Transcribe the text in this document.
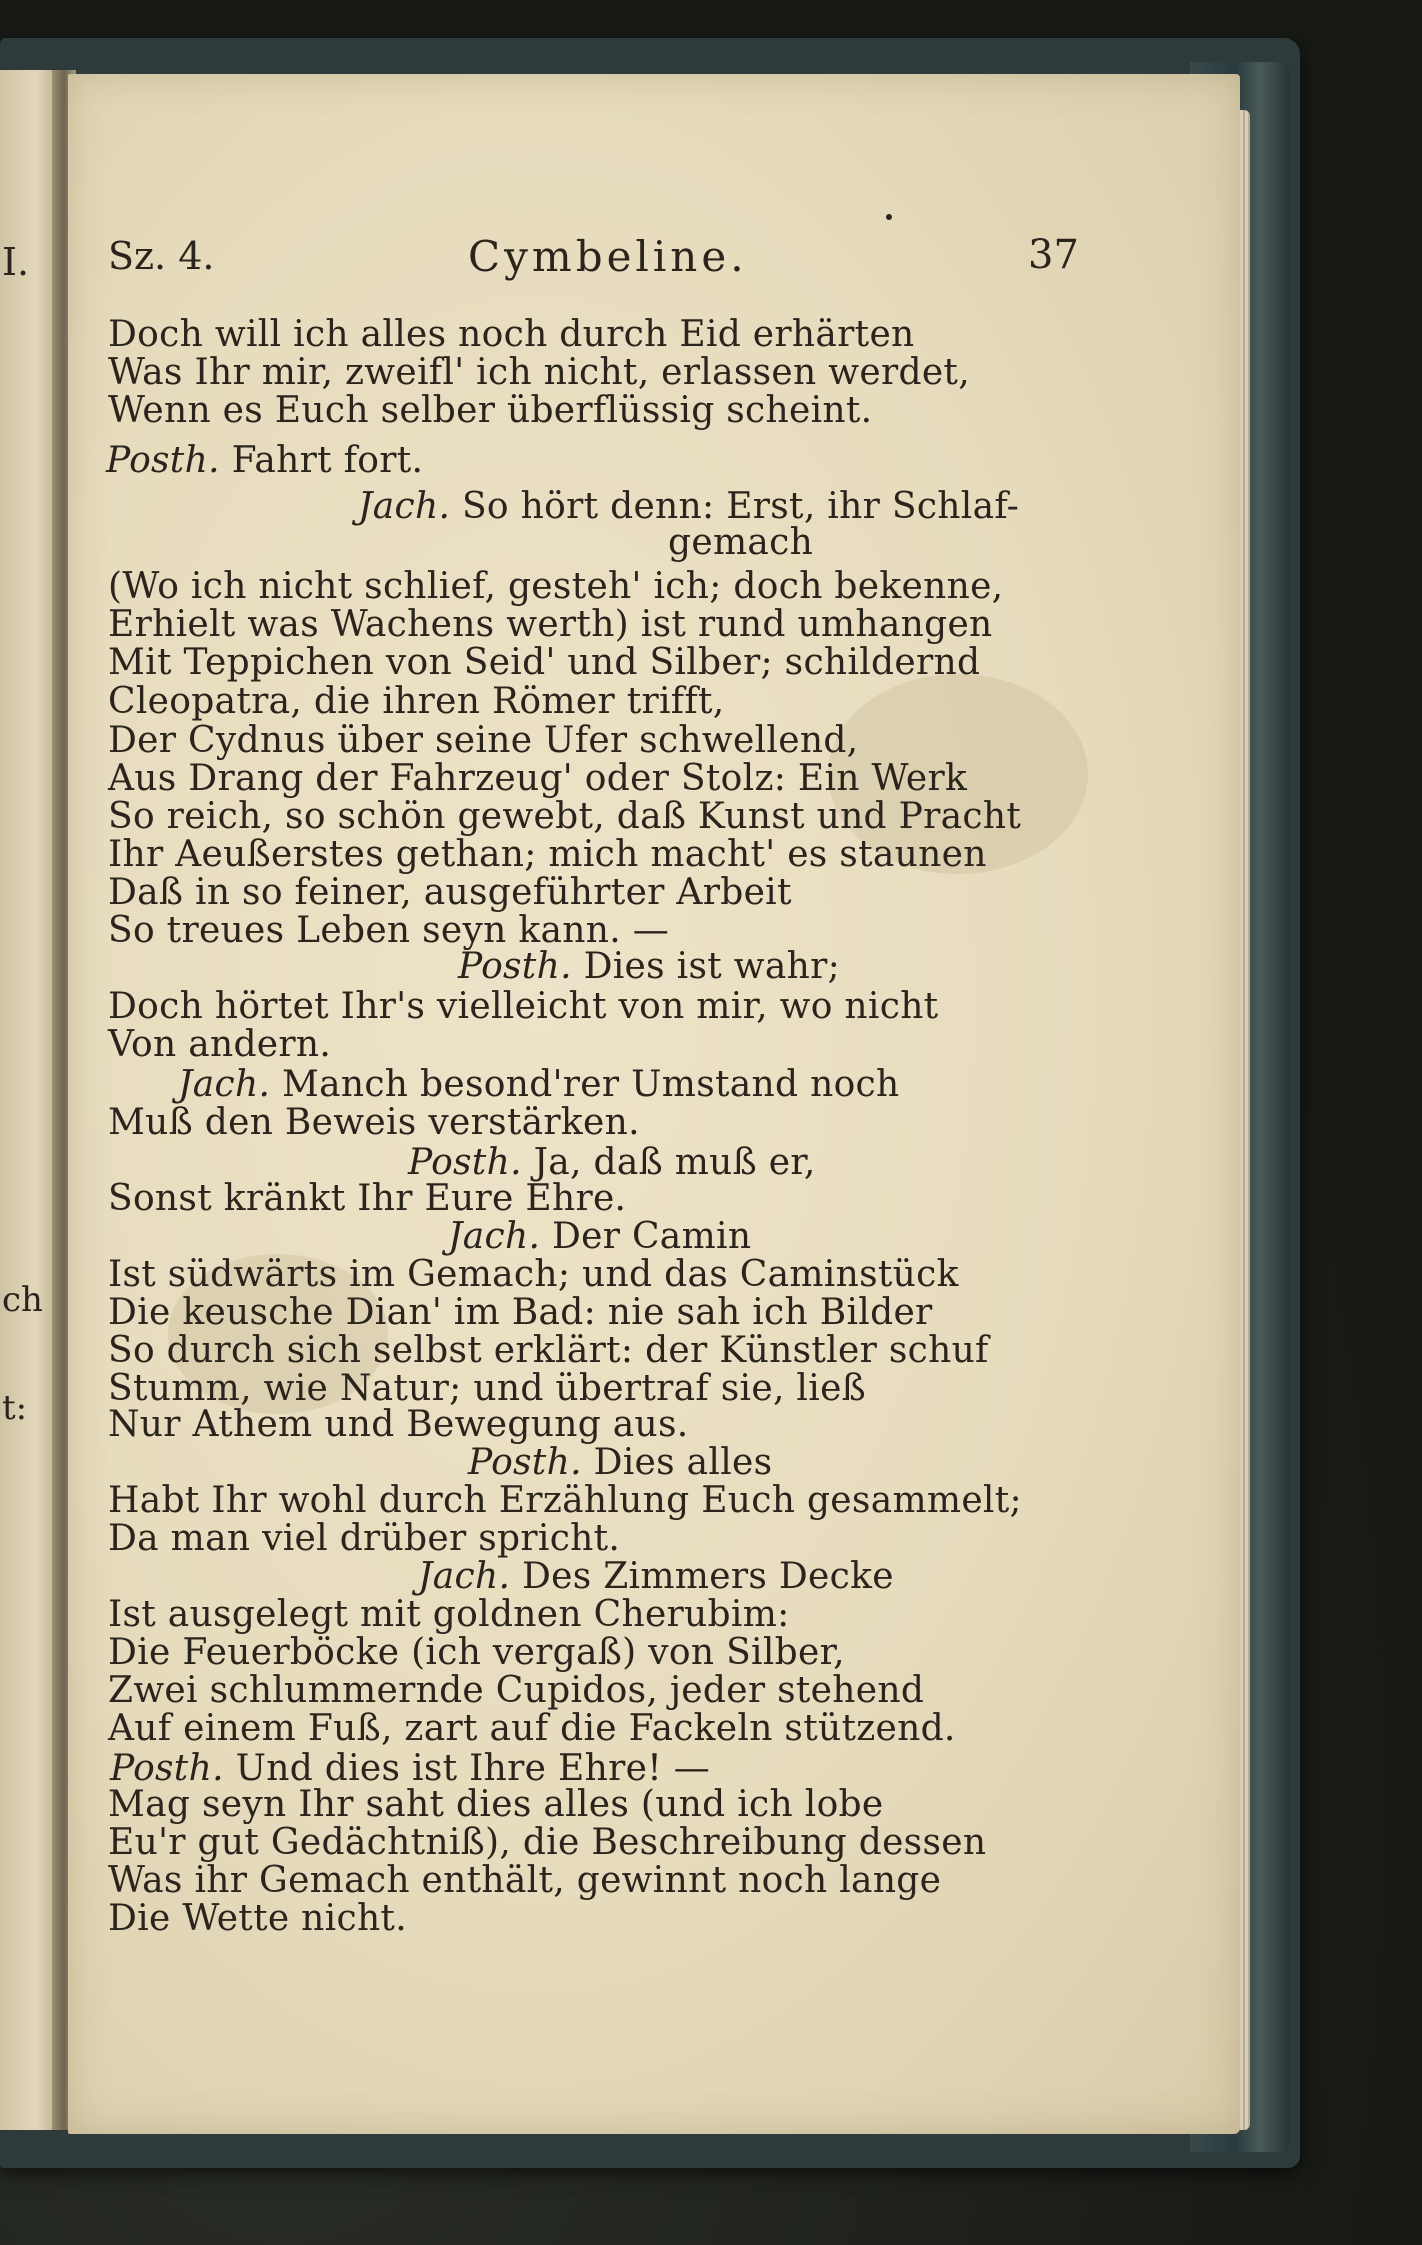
I.
ch
t:
Sz. 4.	Cymbeline.	37
Doch will ich alles noch durch Eid erhärten
Was Ihr mir, zweifl' ich nicht, erlassen werdet,
Wenn es Euch selber überflüssig scheint.
Posth. Fahrt fort.
Jach. So hört denn: Erst, ihr Schlaf-
gemach
(Wo ich nicht schlief, gesteh' ich; doch bekenne,
Erhielt was Wachens werth) ist rund umhangen
Mit Teppichen von Seid' und Silber; schildernd
Cleopatra, die ihren Römer trifft,
Der Cydnus über seine Ufer schwellend,
Aus Drang der Fahrzeug' oder Stolz: Ein Werk
So reich, so schön gewebt, daß Kunst und Pracht
Ihr Aeußerstes gethan; mich macht' es staunen
Daß in so feiner, ausgeführter Arbeit
So treues Leben seyn kann. —
Posth. Dies ist wahr;
Doch hörtet Ihr's vielleicht von mir, wo nicht
Von andern.
Jach. Manch besond'rer Umstand noch
Muß den Beweis verstärken.
Posth. Ja, daß muß er,
Sonst kränkt Ihr Eure Ehre.
Jach. Der Camin
Ist südwärts im Gemach; und das Caminstück
Die keusche Dian' im Bad: nie sah ich Bilder
So durch sich selbst erklärt: der Künstler schuf
Stumm, wie Natur; und übertraf sie, ließ
Nur Athem und Bewegung aus.
Posth. Dies alles
Habt Ihr wohl durch Erzählung Euch gesammelt;
Da man viel drüber spricht.
Jach. Des Zimmers Decke
Ist ausgelegt mit goldnen Cherubim:
Die Feuerböcke (ich vergaß) von Silber,
Zwei schlummernde Cupidos, jeder stehend
Auf einem Fuß, zart auf die Fackeln stützend.
Posth. Und dies ist Ihre Ehre! —
Mag seyn Ihr saht dies alles (und ich lobe
Eu'r gut Gedächtniß), die Beschreibung dessen
Was ihr Gemach enthält, gewinnt noch lange
Die Wette nicht.
